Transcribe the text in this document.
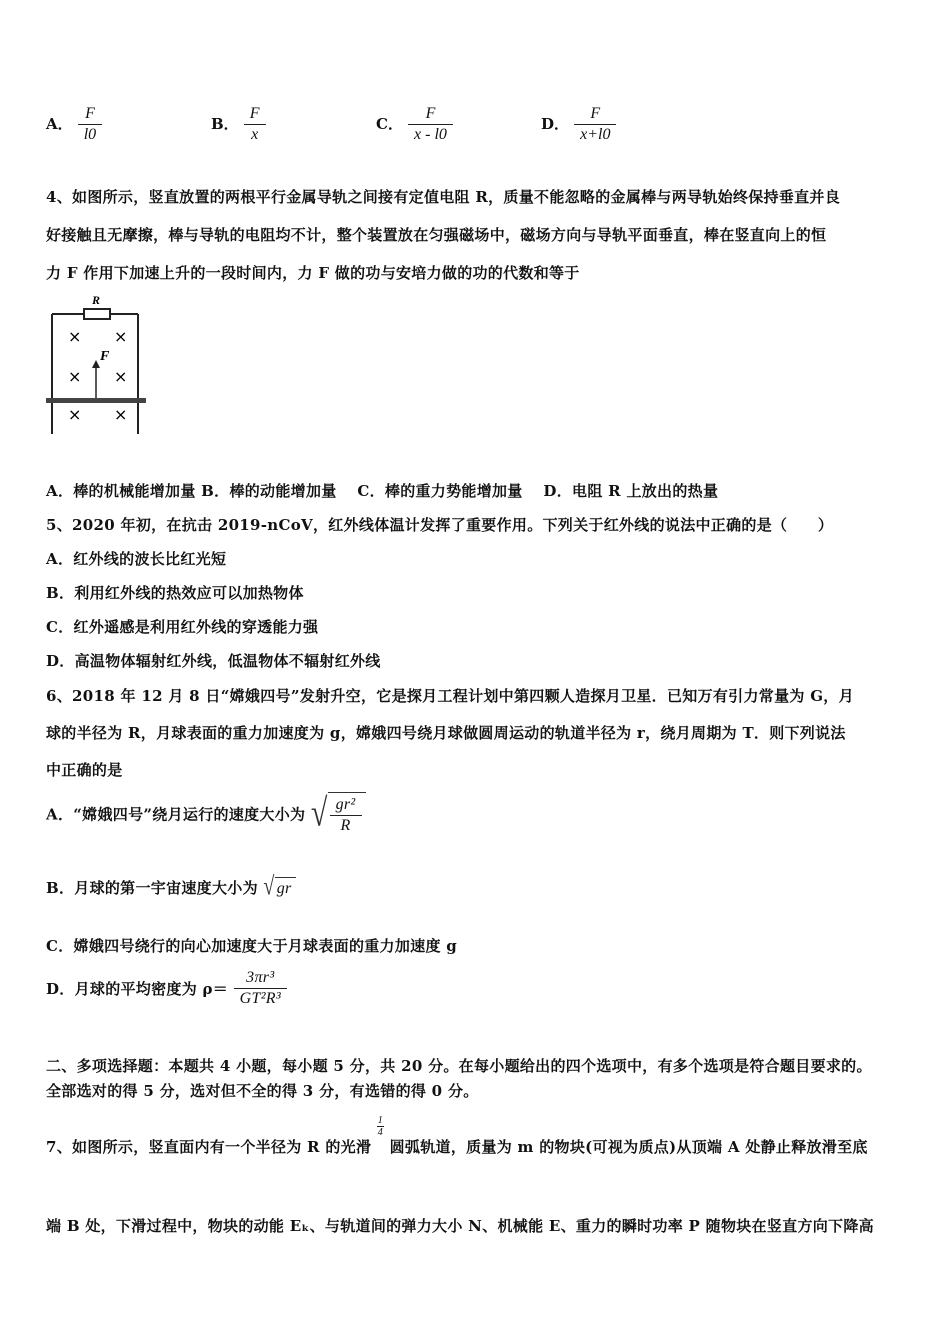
A． $\frac{F}{l0}$	B． $\frac{F}{x}$	C． $\frac{F}{x - l0}$	D． $\frac{F}{x+l0}$
4、如图所示，竖直放置的两根平行金属导轨之间接有定值电阻 R，质量不能忽略的金属棒与两导轨始终保持垂直并良
好接触且无摩擦，棒与导轨的电阻均不计，整个装置放在匀强磁场中，磁场方向与导轨平面垂直，棒在竖直向上的恒
力 F 作用下加速上升的一段时间内，力 F 做的功与安培力做的功的代数和等于
R
× ×
× ×
× ×
F
A．棒的机械能增加量 B．棒的动能增加量　 C．棒的重力势能增加量　 D．电阻 R 上放出的热量
5、2020 年初，在抗击 2019-nCoV，红外线体温计发挥了重要作用。下列关于红外线的说法中正确的是（　　）
A．红外线的波长比红光短
B．利用红外线的热效应可以加热物体
C．红外遥感是利用红外线的穿透能力强
D．高温物体辐射红外线，低温物体不辐射红外线
6、2018 年 12 月 8 日“嫦娥四号”发射升空，它是探月工程计划中第四颗人造探月卫星．已知万有引力常量为 G，月
球的半径为 R，月球表面的重力加速度为 g，嫦娥四号绕月球做圆周运动的轨道半径为 r，绕月周期为 T．则下列说法
中正确的是
A．“嫦娥四号”绕月运行的速度大小为 √ $\frac{\text{gr²}}{R}$
B．月球的第一宇宙速度大小为 √ gr
C．嫦娥四号绕行的向心加速度大于月球表面的重力加速度 g
D．月球的平均密度为 $\rho= \frac{\text{3πr³}}{\text{GT²R³}}$
二、多项选择题：本题共 4 小题，每小题 5 分，共 20 分。在每小题给出的四个选项中，有多个选项是符合题目要求的。
全部选对的得 5 分，选对但不全的得 3 分，有选错的得 0 分。
7、如图所示，竖直面内有一个半径为 R 的光滑
$\frac{1}{4}$
圆弧轨道，质量为 m 的物块(可视为质点)从顶端 A 处静止释放滑至底
端 B 处，下滑过程中，物块的动能 Eₖ、与轨道间的弹力大小 N、机械能 E、重力的瞬时功率 P 随物块在竖直方向下降高
